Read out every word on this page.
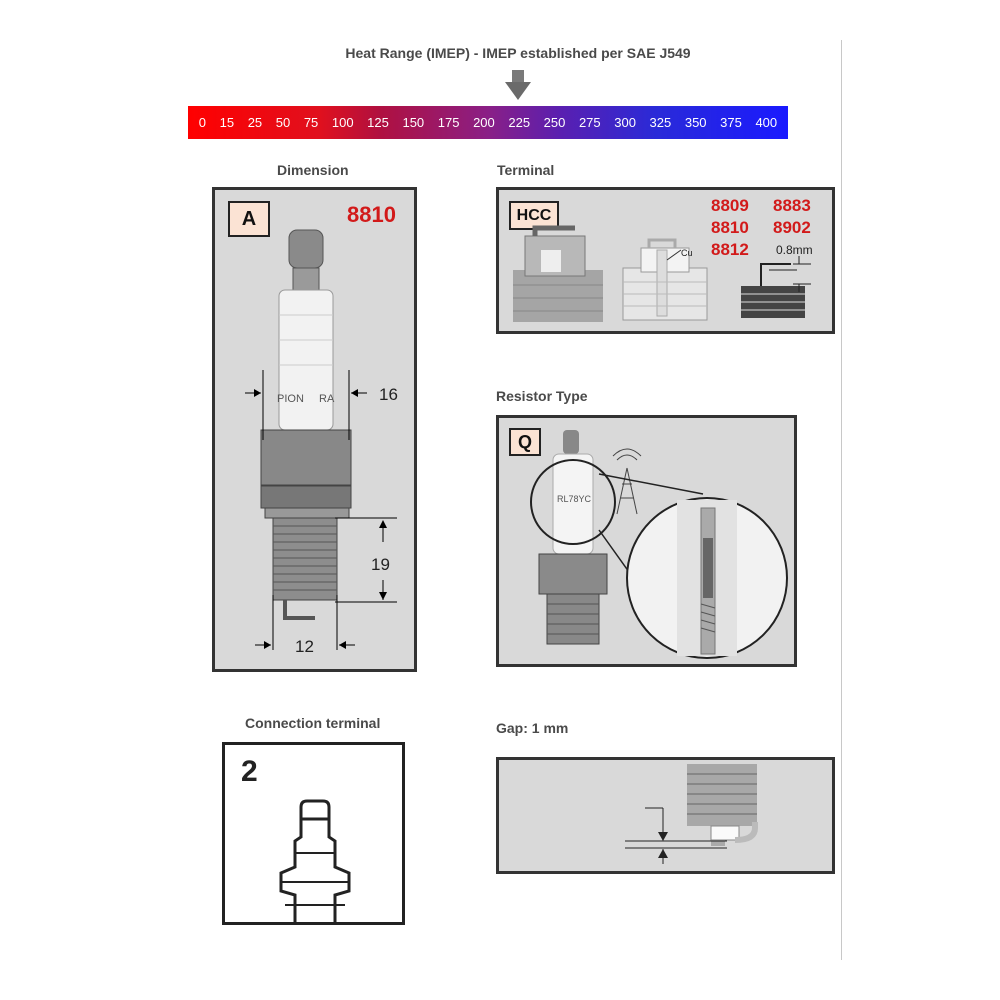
Heat Range (IMEP) - IMEP established per SAE J549
0 15 25 50 75 100 125 150 175 200 225 250 275 300 325 350 375 400
Dimension
A	8810
PION RA	16
19
12
Terminal
HCC	8809 8883
8810 8902
8812
Cu	0.8mm
Resistor Type
Q
RL78YC
Connection terminal
2
Gap: 1 mm
